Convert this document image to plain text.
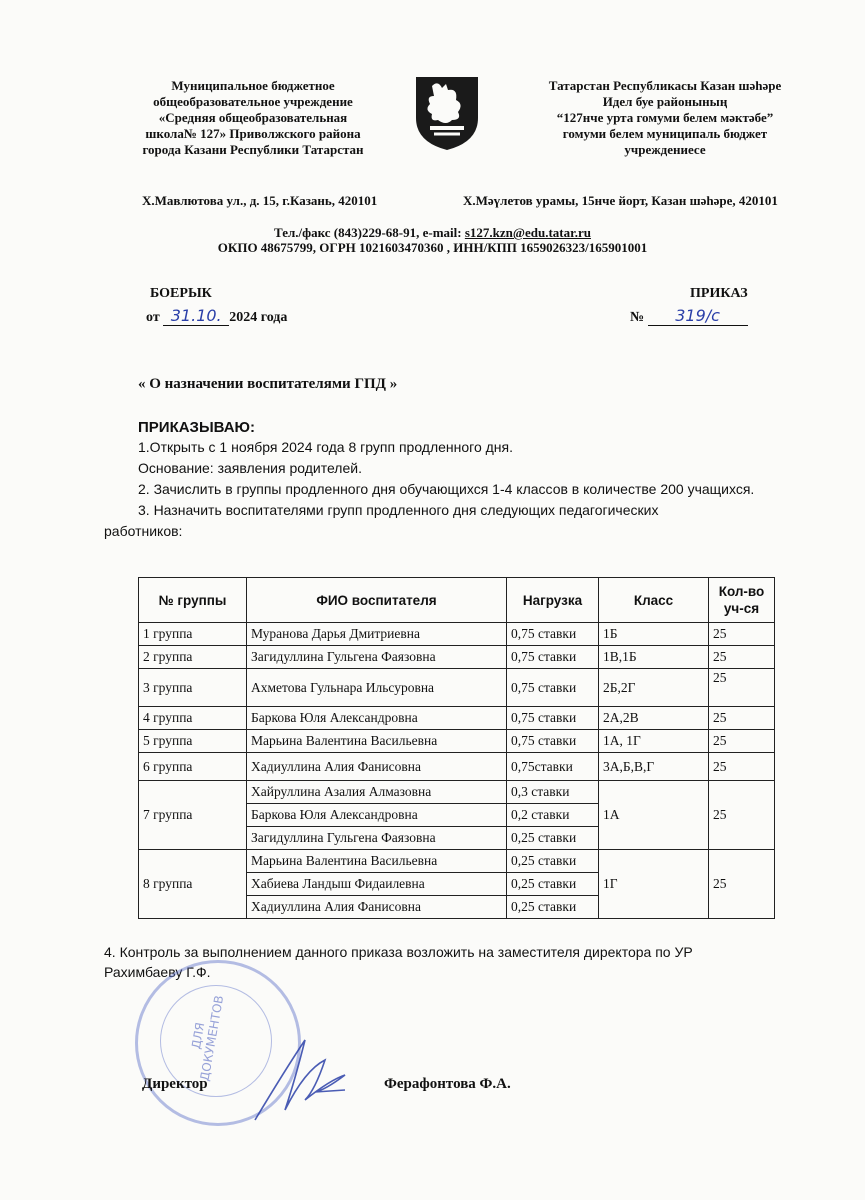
Муниципальное бюджетное
общеобразовательное учреждение
«Средняя общеобразовательная
школа№ 127» Приволжского района
города Казани Республики Татарстан
Татарстан Республикасы Казан шәһәре
Идел буе районының
“127нче урта гомуми белем мәктәбе”
гомуми белем муниципаль бюджет
учреждениесе
Х.Мавлютова ул., д. 15, г.Казань, 420101	Х.Мәүлетов урамы, 15нче йорт, Казан шәһәре, 420101
Тел./факс (843)229-68-91, e-mail: s127.kzn@edu.tatar.ru
ОКПО 48675799, ОГРН 1021603470360 , ИНН/КПП 1659026323/165901001
БОЕРЫК	ПРИКАЗ
от 31.10. 2024 года	№ 319/с
« О назначении воспитателями ГПД »
ПРИКАЗЫВАЮ:
1.Открыть с 1 ноября 2024 года 8 групп продленного дня.
Основание: заявления родителей.
2. Зачислить в группы продленного дня обучающихся 1-4 классов в количестве 200 учащихся.
3. Назначить воспитателями групп продленного дня следующих педагогических
работников:
№ группы	ФИО воспитателя	Нагрузка	Класс	Кол-во уч-ся
1 группа	Муранова Дарья Дмитриевна	0,75 ставки	1Б	25
2 группа	Загидуллина Гульгена Фаязовна	0,75 ставки	1В,1Б	25
3 группа	Ахметова Гульнара Ильсуровна	0,75 ставки	2Б,2Г	25
4 группа	Баркова Юля Александровна	0,75 ставки	2А,2В	25
5 группа	Марьина Валентина Васильевна	0,75 ставки	1А, 1Г	25
6 группа	Хадиуллина Алия Фанисовна	0,75ставки	3А,Б,В,Г	25
7 группа	Хайруллина Азалия Алмазовна	0,3 ставки	1А	25
	Баркова Юля Александровна	0,2 ставки		
	Загидуллина Гульгена Фаязовна	0,25 ставки		
8 группа	Марьина Валентина Васильевна	0,25 ставки	1Г	25
	Хабиева Ландыш Фидаилевна	0,25 ставки		
	Хадиуллина Алия Фанисовна	0,25 ставки		
4. Контроль за выполнением данного приказа возложить на заместителя директора по УР
Рахимбаеву Г.Ф.
ДЛЯ ДОКУМЕНТОВ
Директор	Ферафонтова Ф.А.
